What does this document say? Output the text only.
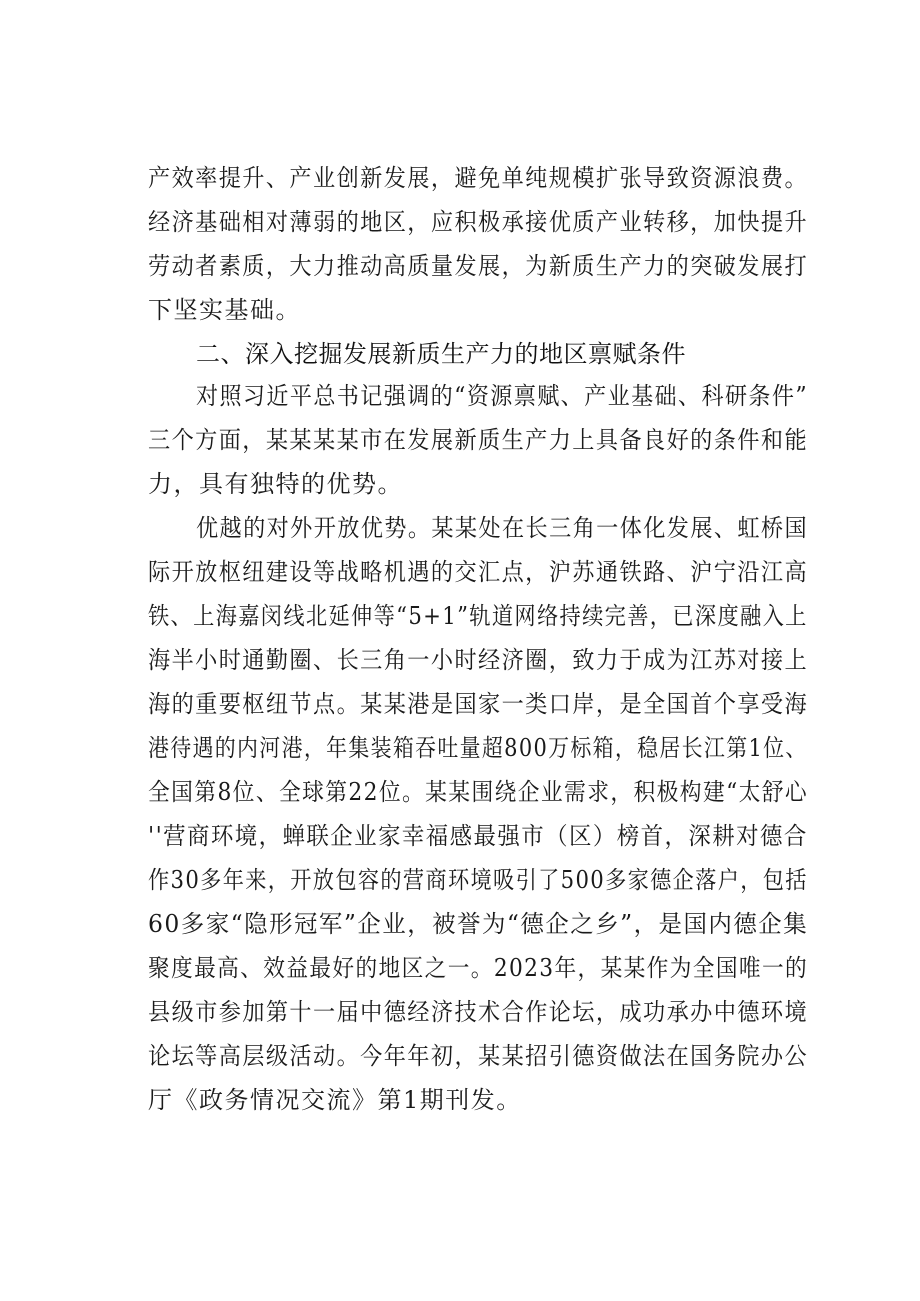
产效率提升、产业创新发展，避免单纯规模扩张导致资源浪费。
经济基础相对薄弱的地区，应积极承接优质产业转移，加快提升
劳动者素质，大力推动高质量发展，为新质生产力的突破发展打
下坚实基础。
二、深入挖掘发展新质生产力的地区禀赋条件
对照习近平总书记强调的“资源禀赋、产业基础、科研条件”
三个方面，某某某某市在发展新质生产力上具备良好的条件和能
力，具有独特的优势。
优越的对外开放优势。某某处在长三角一体化发展、虹桥国
际开放枢纽建设等战略机遇的交汇点，沪苏通铁路、沪宁沿江高
铁、上海嘉闵线北延伸等“5+1”轨道网络持续完善，已深度融入上
海半小时通勤圈、长三角一小时经济圈，致力于成为江苏对接上
海的重要枢纽节点。某某港是国家一类口岸，是全国首个享受海
港待遇的内河港，年集装箱吞吐量超800万标箱，稳居长江第1位、
全国第8位、全球第22位。某某围绕企业需求，积极构建“太舒心
''营商环境，蝉联企业家幸福感最强市（区）榜首，深耕对德合
作30多年来，开放包容的营商环境吸引了500多家德企落户，包括
60多家“隐形冠军”企业，被誉为“德企之乡”，是国内德企集
聚度最高、效益最好的地区之一。2023年，某某作为全国唯一的
县级市参加第十一届中德经济技术合作论坛，成功承办中德环境
论坛等高层级活动。今年年初，某某招引德资做法在国务院办公
厅《政务情况交流》第1期刊发。
